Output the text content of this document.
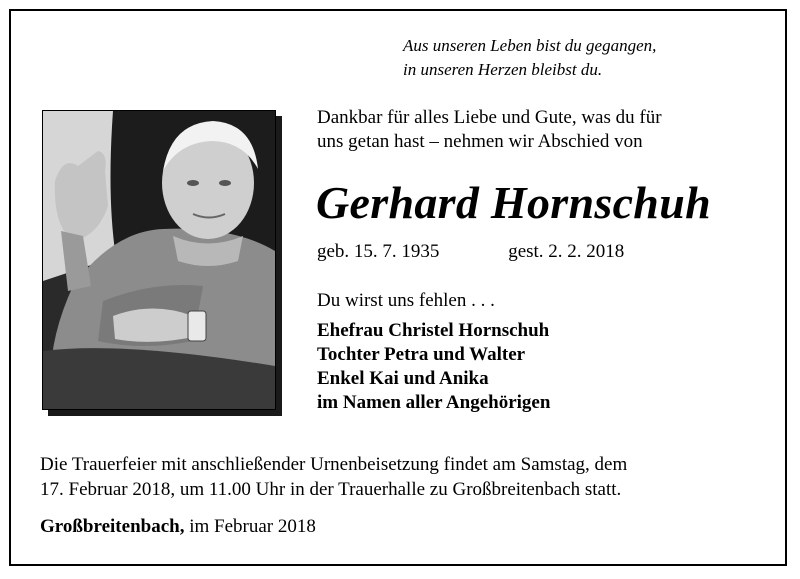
Aus unseren Leben bist du gegangen,
in unseren Herzen bleibst du.
Dankbar für alles Liebe und Gute, was du für
uns getan hast – nehmen wir Abschied von
Gerhard Hornschuh
geb. 15. 7. 1935	gest. 2. 2. 2018
Du wirst uns fehlen . . .
Ehefrau Christel Hornschuh
Tochter Petra und Walter
Enkel Kai und Anika
im Namen aller Angehörigen
Die Trauerfeier mit anschließender Urnenbeisetzung findet am Samstag, dem
17. Februar 2018, um 11.00 Uhr in der Trauerhalle zu Großbreitenbach statt.
Großbreitenbach, im Februar 2018
